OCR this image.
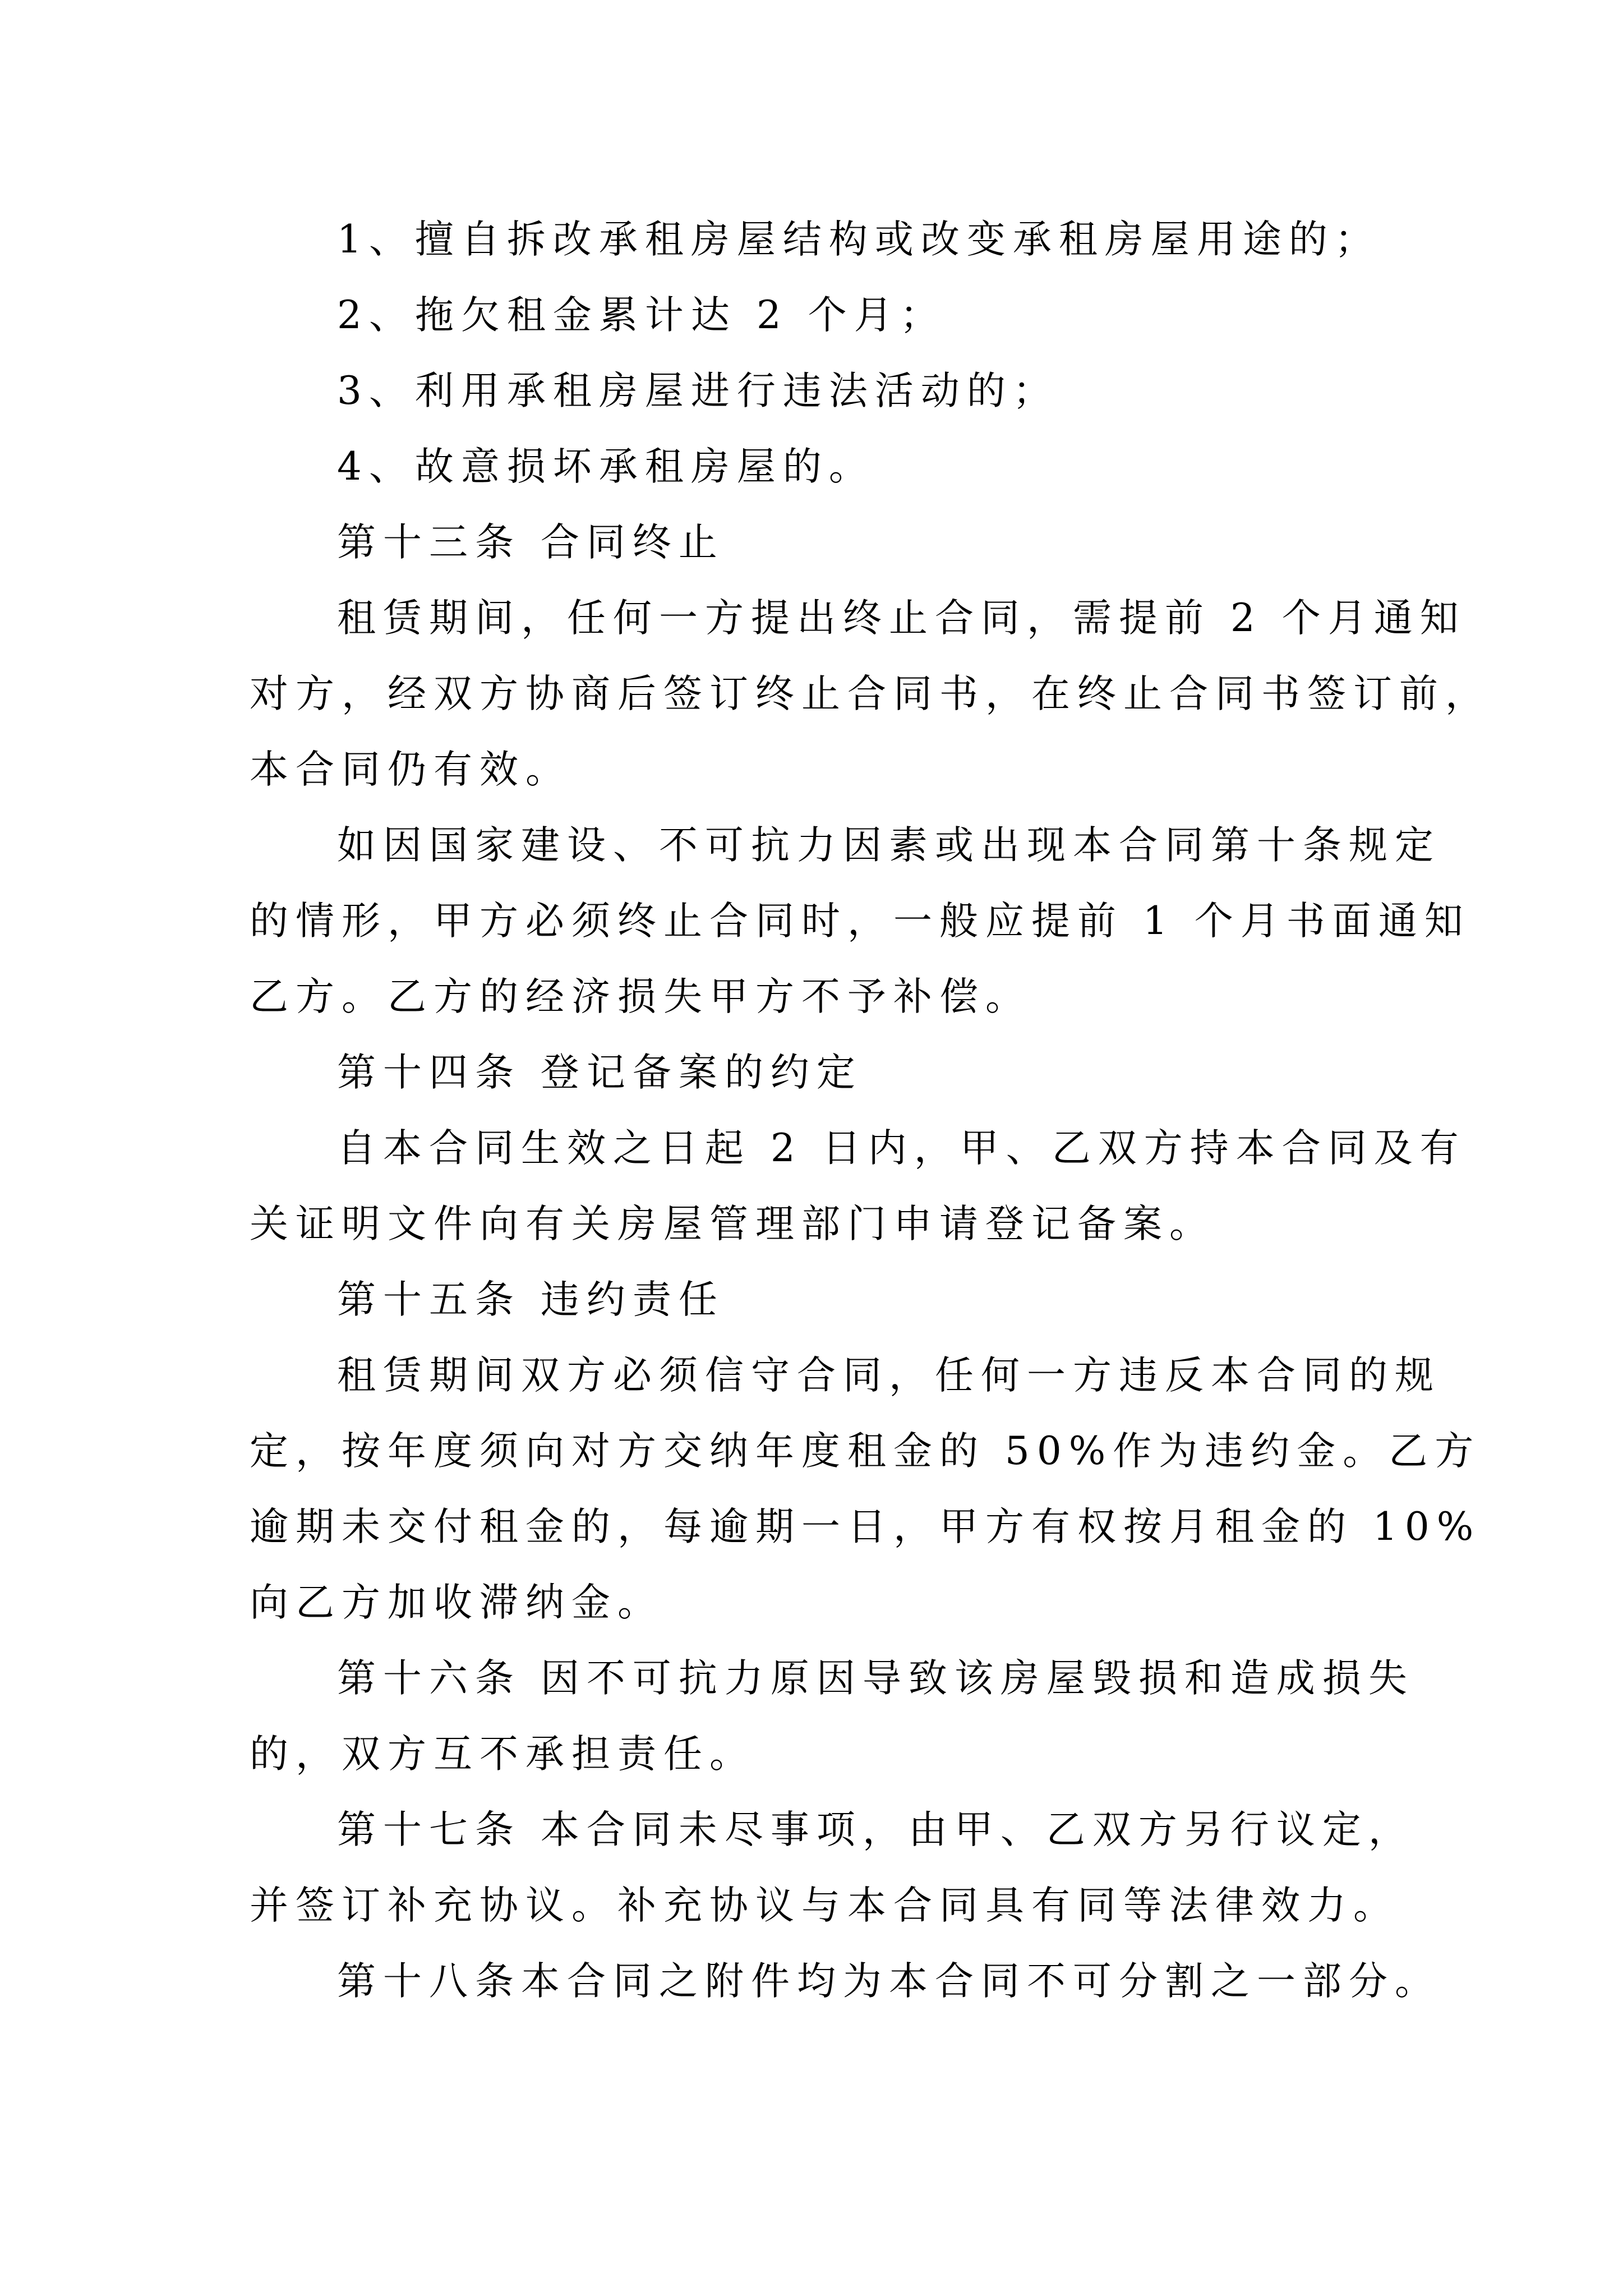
1、擅自拆改承租房屋结构或改变承租房屋用途的；
2、拖欠租金累计达 2 个月；
3、利用承租房屋进行违法活动的；
4、故意损坏承租房屋的。
第十三条 合同终止
租赁期间，任何一方提出终止合同，需提前 2 个月通知
对方，经双方协商后签订终止合同书，在终止合同书签订前，
本合同仍有效。
如因国家建设、不可抗力因素或出现本合同第十条规定
的情形，甲方必须终止合同时，一般应提前 1 个月书面通知
乙方。乙方的经济损失甲方不予补偿。
第十四条 登记备案的约定
自本合同生效之日起 2 日内，甲、乙双方持本合同及有
关证明文件向有关房屋管理部门申请登记备案。
第十五条 违约责任
租赁期间双方必须信守合同，任何一方违反本合同的规
定，按年度须向对方交纳年度租金的 50%作为违约金。乙方
逾期未交付租金的，每逾期一日，甲方有权按月租金的 10%
向乙方加收滞纳金。
第十六条 因不可抗力原因导致该房屋毁损和造成损失
的，双方互不承担责任。
第十七条 本合同未尽事项，由甲、乙双方另行议定，
并签订补充协议。补充协议与本合同具有同等法律效力。
第十八条本合同之附件均为本合同不可分割之一部分。
